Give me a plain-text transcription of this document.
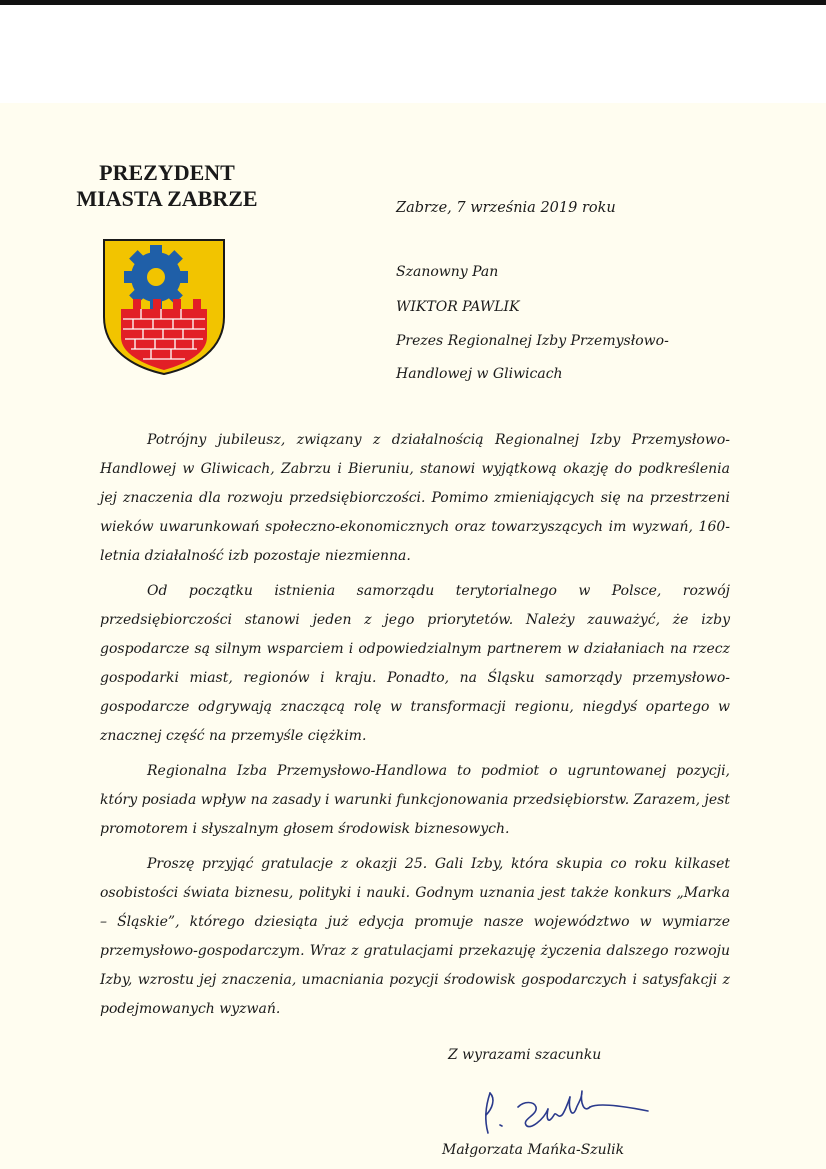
PREZYDENT
MIASTA ZABRZE	Zabrze, 7 września 2019 roku
Szanowny Pan
WIKTOR PAWLIK
Prezes Regionalnej Izby Przemysłowo-
Handlowej w Gliwicach

Potrójny jubileusz, związany z działalnością Regionalnej Izby Przemysłowo-Handlowej w Gliwicach, Zabrzu i Bieruniu, stanowi wyjątkową okazję do podkreślenia jej znaczenia dla rozwoju przedsiębiorczości. Pomimo zmieniających się na przestrzeni wieków uwarunkowań społeczno-ekonomicznych oraz towarzyszących im wyzwań, 160-letnia działalność izb pozostaje niezmienna.

Od początku istnienia samorządu terytorialnego w Polsce, rozwój przedsiębiorczości stanowi jeden z jego priorytetów. Należy zauważyć, że izby gospodarcze są silnym wsparciem i odpowiedzialnym partnerem w działaniach na rzecz gospodarki miast, regionów i kraju. Ponadto, na Śląsku samorządy przemysłowo-gospodarcze odgrywają znaczącą rolę w transformacji regionu, niegdyś opartego w znacznej część na przemyśle ciężkim.

Regionalna Izba Przemysłowo-Handlowa to podmiot o ugruntowanej pozycji, który posiada wpływ na zasady i warunki funkcjonowania przedsiębiorstw. Zarazem, jest promotorem i słyszalnym głosem środowisk biznesowych.

Proszę przyjąć gratulacje z okazji 25. Gali Izby, która skupia co roku kilkaset osobistości świata biznesu, polityki i nauki. Godnym uznania jest także konkurs „Marka – Śląskie”, którego dziesiąta już edycja promuje nasze województwo w wymiarze przemysłowo-gospodarczym. Wraz z gratulacjami przekazuję życzenia dalszego rozwoju Izby, wzrostu jej znaczenia, umacniania pozycji środowisk gospodarczych i satysfakcji z podejmowanych wyzwań.

Z wyrazami szacunku
Małgorzata Mańka-Szulik
